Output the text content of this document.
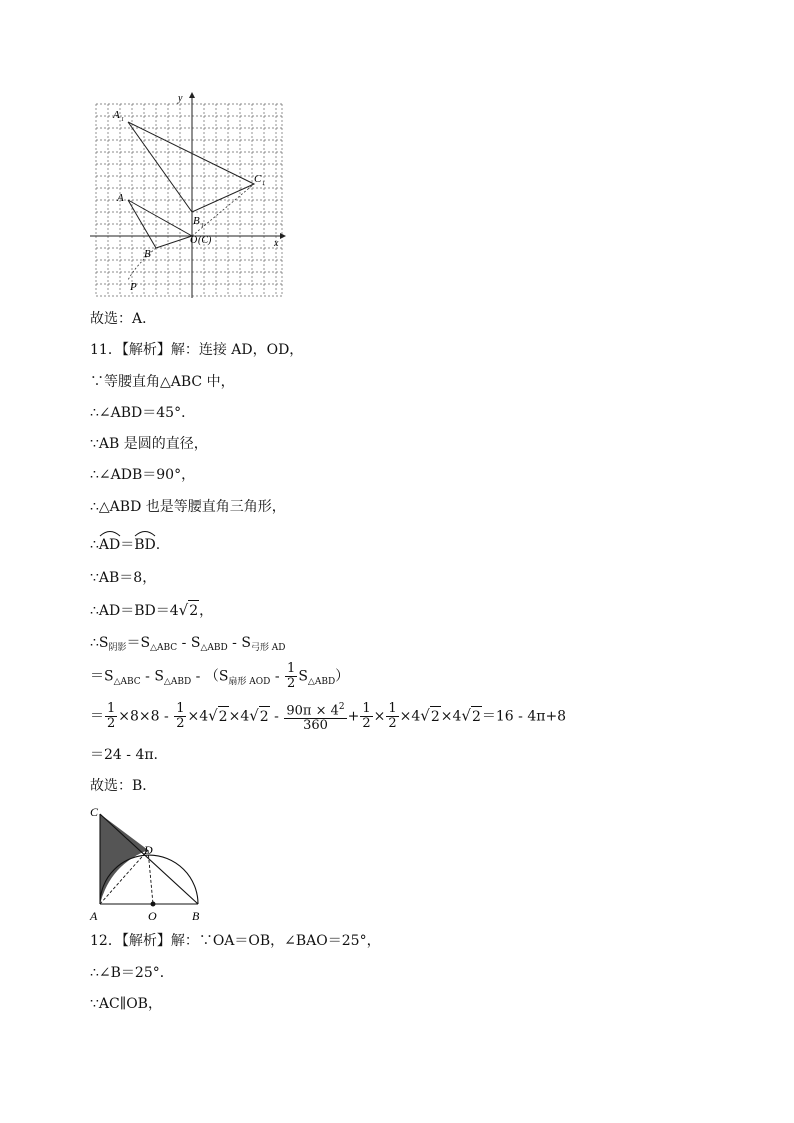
y
x
A 1
C 1
A
B 1
O (C)
B
P
故选：A．
11．【解析】解：连接 AD，OD，
∵等腰直角△ABC 中，
∴∠ABD＝45°．
∵AB 是圆的直径，
∴∠ADB＝90°，
∴△ABD 也是等腰直角三角形，
∴
AD＝
BD.
∵AB＝8，
∴AD＝BD＝4√2，
$\therefore S_{阴影}=S_{\triangle ABC} - S_{\triangle ABD} - S_{弓形 AD}$
$=S_{\triangle ABC} - S_{\triangle ABD} - (S_{扇形 AOD} - \frac{1}{2} S_{\triangle ABD})$
＝ $\frac{1}{2} \times 8\times 8 - \frac{1}{2} \times 4√2\times 4√2 - \frac{90\pi \times 4^2}{360} + \frac{1}{2} \times \frac{1}{2} \times 4√2\times 4√2=16 - 4\pi+8$
＝24 - 4π.
故选：B．
C
D
A	O	B
12．【解析】解：∵OA＝OB，∠BAO＝25°，
∴∠B＝25°．
∵AC∥OB，
